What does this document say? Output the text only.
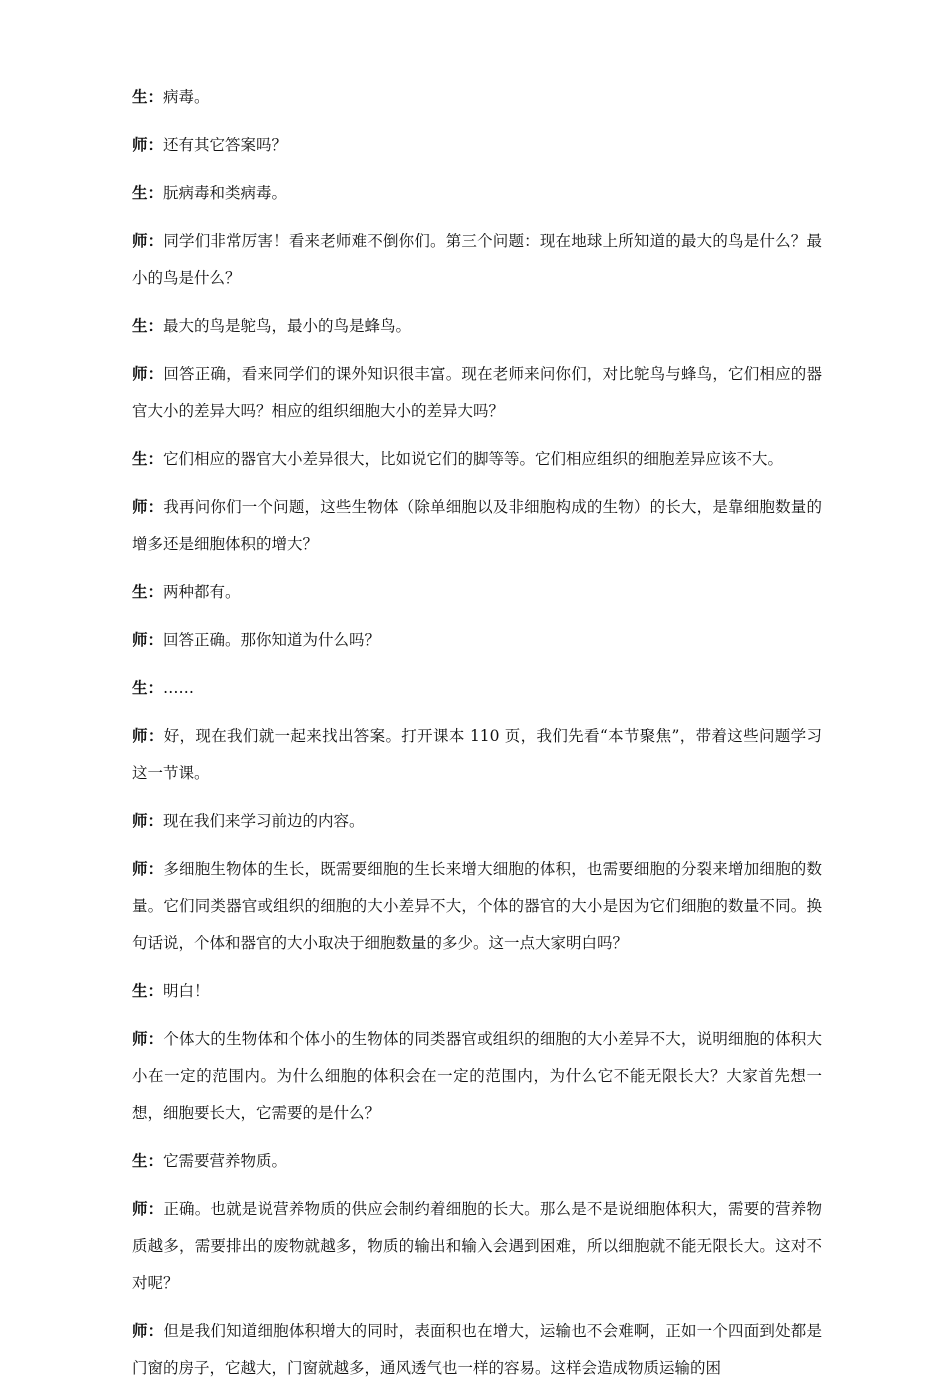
生：病毒。

师：还有其它答案吗？

生：朊病毒和类病毒。

师：同学们非常厉害！看来老师难不倒你们。第三个问题：现在地球上所知道的最大的鸟是什么？最小的鸟是什么？

生：最大的鸟是鸵鸟，最小的鸟是蜂鸟。

师：回答正确，看来同学们的课外知识很丰富。现在老师来问你们，对比鸵鸟与蜂鸟，它们相应的器官大小的差异大吗？相应的组织细胞大小的差异大吗？

生：它们相应的器官大小差异很大，比如说它们的脚等等。它们相应组织的细胞差异应该不大。

师：我再问你们一个问题，这些生物体（除单细胞以及非细胞构成的生物）的长大，是靠细胞数量的增多还是细胞体积的增大？

生：两种都有。

师：回答正确。那你知道为什么吗？

生：……

师：好，现在我们就一起来找出答案。打开课本 110 页，我们先看“本节聚焦”，带着这些问题学习这一节课。

师：现在我们来学习前边的内容。

师：多细胞生物体的生长，既需要细胞的生长来增大细胞的体积，也需要细胞的分裂来增加细胞的数量。它们同类器官或组织的细胞的大小差异不大，个体的器官的大小是因为它们细胞的数量不同。换句话说，个体和器官的大小取决于细胞数量的多少。这一点大家明白吗？

生：明白！

师：个体大的生物体和个体小的生物体的同类器官或组织的细胞的大小差异不大，说明细胞的体积大小在一定的范围内。为什么细胞的体积会在一定的范围内，为什么它不能无限长大？大家首先想一想，细胞要长大，它需要的是什么？

生：它需要营养物质。

师：正确。也就是说营养物质的供应会制约着细胞的长大。那么是不是说细胞体积大，需要的营养物质越多，需要排出的废物就越多，物质的输出和输入会遇到困难，所以细胞就不能无限长大。这对不对呢？

师：但是我们知道细胞体积增大的同时，表面积也在增大，运输也不会难啊，正如一个四面到处都是门窗的房子，它越大，门窗就越多，通风透气也一样的容易。这样会造成物质运输的困
